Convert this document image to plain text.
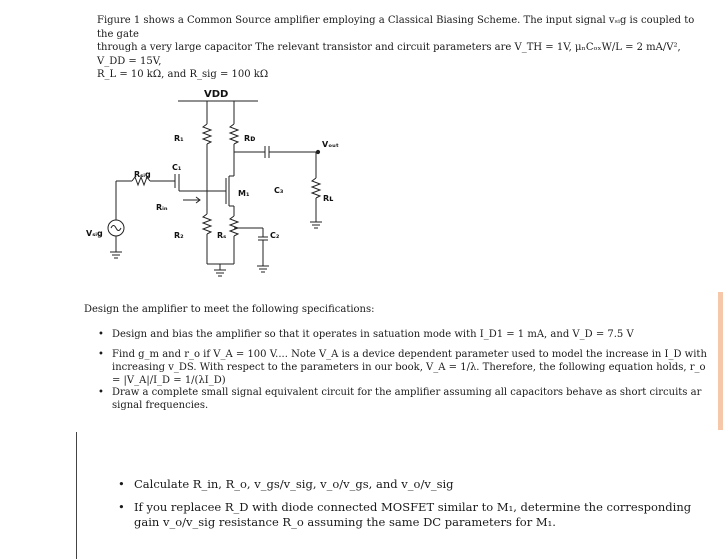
Figure 1 shows a Common Source amplifier employing a Classical Biasing Scheme. The input signal vₛᵢg is coupled to the gate

through a very large capacitor The relevant transistor and circuit parameters are V_TH = 1V, μₙCₒₓW/L = 2 mA/V², V_DD = 15V,

R_L = 10 kΩ, and R_sig = 100 kΩ

VDD
R₁	Rᴅ
Vₒᵤₜ
Rₛᵢg
C₁
M₁	C₃
Rʟ
Rᵢₙ
Vₛᵢg	R₂	Rₛ	C₂
Design the amplifier to meet the following specifications:
• Design and bias the amplifier so that it operates in satuation mode with I_D1 = 1 mA, and V_D = 7.5 V
• Find g_m and r_o if V_A = 100 V.... Note V_A is a device dependent parameter used to model the increase in I_D with increasing v_DS. With respect to the parameters in our book, V_A = 1/λ. Therefore, the following equation holds, r_o = |V_A|/I_D = 1/(λI_D)
• Draw a complete small signal equivalent circuit for the amplifier assuming all capacitors behave as short circuits ar signal frequencies.
• Calculate R_in, R_o, v_gs/v_sig, v_o/v_gs, and v_o/v_sig
• If you replacee R_D with diode connected MOSFET similar to M₁, determine the corresponding gain v_o/v_sig resistance R_o assuming the same DC parameters for M₁.
